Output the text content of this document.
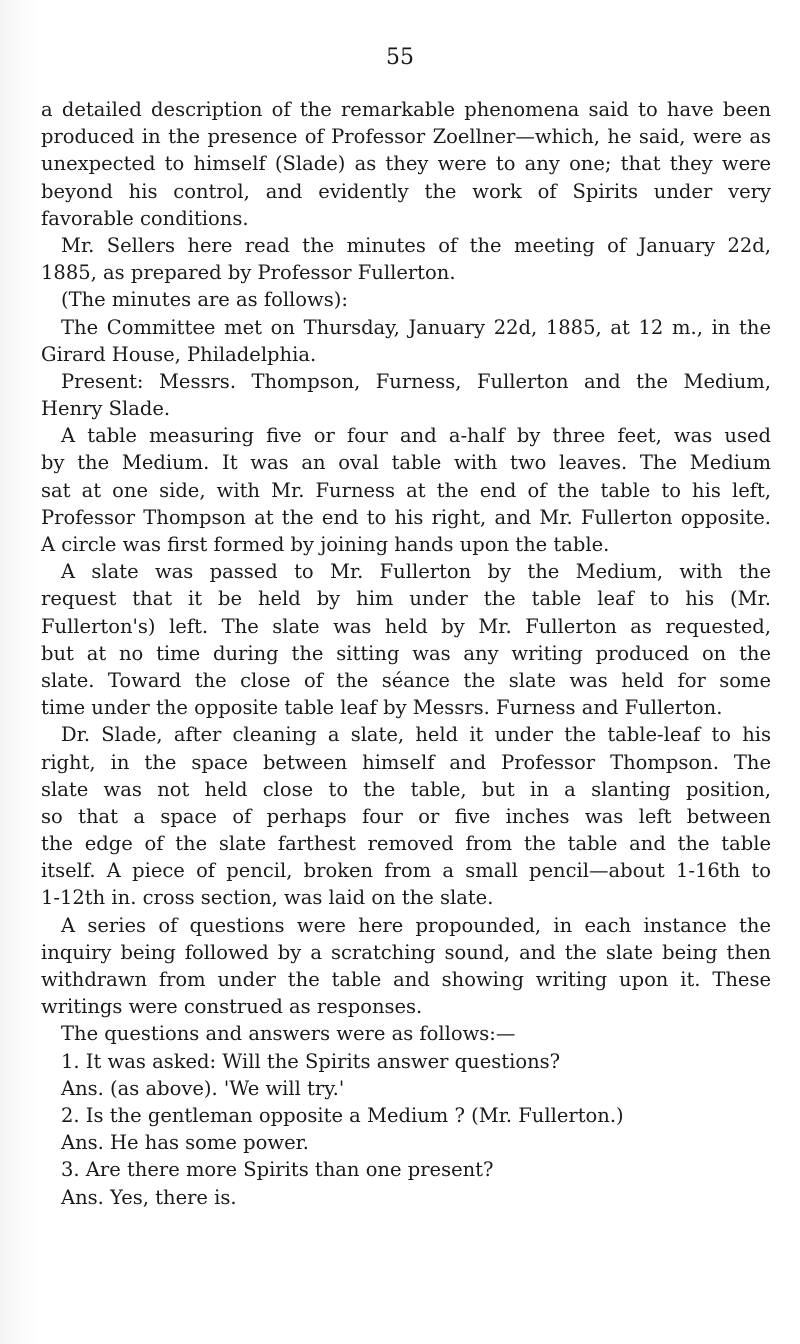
55
a detailed description of the remarkable phenomena said to have been
produced in the presence of Professor Zoellner—which, he said, were as
unexpected to himself (Slade) as they were to any one; that they were
beyond his control, and evidently the work of Spirits under very
favorable conditions.
Mr. Sellers here read the minutes of the meeting of January 22d,
1885, as prepared by Professor Fullerton.
(The minutes are as follows):
The Committee met on Thursday, January 22d, 1885, at 12 m., in the
Girard House, Philadelphia.
Present: Messrs. Thompson, Furness, Fullerton and the Medium,
Henry Slade.
A table measuring five or four and a-half by three feet, was used
by the Medium. It was an oval table with two leaves. The Medium
sat at one side, with Mr. Furness at the end of the table to his left,
Professor Thompson at the end to his right, and Mr. Fullerton opposite.
A circle was first formed by joining hands upon the table.
A slate was passed to Mr. Fullerton by the Medium, with the
request that it be held by him under the table leaf to his (Mr.
Fullerton's) left. The slate was held by Mr. Fullerton as requested,
but at no time during the sitting was any writing produced on the
slate. Toward the close of the séance the slate was held for some
time under the opposite table leaf by Messrs. Furness and Fullerton.
Dr. Slade, after cleaning a slate, held it under the table-leaf to his
right, in the space between himself and Professor Thompson. The
slate was not held close to the table, but in a slanting position,
so that a space of perhaps four or five inches was left between
the edge of the slate farthest removed from the table and the table
itself. A piece of pencil, broken from a small pencil—about 1-16th to
1-12th in. cross section, was laid on the slate.
A series of questions were here propounded, in each instance the
inquiry being followed by a scratching sound, and the slate being then
withdrawn from under the table and showing writing upon it. These
writings were construed as responses.
The questions and answers were as follows:—
1. It was asked: Will the Spirits answer questions?
Ans. (as above). 'We will try.'
2. Is the gentleman opposite a Medium ? (Mr. Fullerton.)
Ans. He has some power.
3. Are there more Spirits than one present?
Ans. Yes, there is.
